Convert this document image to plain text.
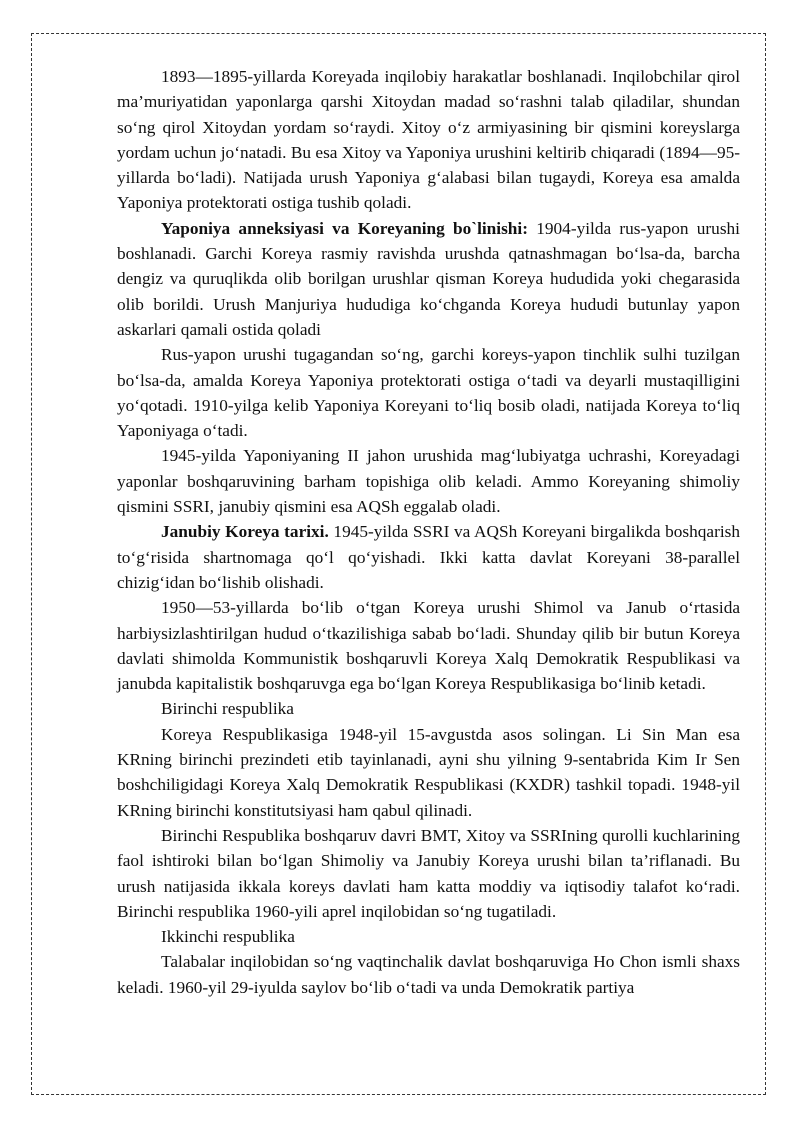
1893—1895-yillarda Koreyada inqilobiy harakatlar boshlanadi. Inqilobchilar qirol ma’muriyatidan yaponlarga qarshi Xitoydan madad so‘rashni talab qiladilar, shundan so‘ng qirol Xitoydan yordam so‘raydi. Xitoy o‘z armiyasining bir qismini koreyslarga yordam uchun jo‘natadi. Bu esa Xitoy va Yaponiya urushini keltirib chiqaradi (1894—95-yillarda bo‘ladi). Natijada urush Yaponiya g‘alabasi bilan tugaydi, Koreya esa amalda Yaponiya protektorati ostiga tushib qoladi.

Yaponiya anneksiyasi va Koreyaning bo`linishi: 1904-yilda rus-yapon urushi boshlanadi. Garchi Koreya rasmiy ravishda urushda qatnashmagan bo‘lsa-da, barcha dengiz va quruqlikda olib borilgan urushlar qisman Koreya hududida yoki chegarasida olib borildi. Urush Manjuriya hududiga ko‘chganda Koreya hududi butunlay yapon askarlari qamali ostida qoladi

Rus-yapon urushi tugagandan so‘ng, garchi koreys-yapon tinchlik sulhi tuzilgan bo‘lsa-da, amalda Koreya Yaponiya protektorati ostiga o‘tadi va deyarli mustaqilligini yo‘qotadi. 1910-yilga kelib Yaponiya Koreyani to‘liq bosib oladi, natijada Koreya to‘liq Yaponiyaga o‘tadi.

1945-yilda Yaponiyaning II jahon urushida mag‘lubiyatga uchrashi, Koreyadagi yaponlar boshqaruvining barham topishiga olib keladi. Ammo Koreyaning shimoliy qismini SSRI, janubiy qismini esa AQSh eggalab oladi.

Janubiy Koreya tarixi. 1945-yilda SSRI va AQSh Koreyani birgalikda boshqarish to‘g‘risida shartnomaga qo‘l qo‘yishadi. Ikki katta davlat Koreyani 38-parallel chizig‘idan bo‘lishib olishadi.

1950—53-yillarda bo‘lib o‘tgan Koreya urushi Shimol va Janub o‘rtasida harbiysizlashtirilgan hudud o‘tkazilishiga sabab bo‘ladi. Shunday qilib bir butun Koreya davlati shimolda Kommunistik boshqaruvli Koreya Xalq Demokratik Respublikasi va janubda kapitalistik boshqaruvga ega bo‘lgan Koreya Respublikasiga bo‘linib ketadi.

Birinchi respublika

Koreya Respublikasiga 1948-yil 15-avgustda asos solingan. Li Sin Man esa KRning birinchi prezindeti etib tayinlanadi, ayni shu yilning 9-sentabrida Kim Ir Sen boshchiligidagi Koreya Xalq Demokratik Respublikasi (KXDR) tashkil topadi. 1948-yil KRning birinchi konstitutsiyasi ham qabul qilinadi.

Birinchi Respublika boshqaruv davri BMT, Xitoy va SSRIning qurolli kuchlarining faol ishtiroki bilan bo‘lgan Shimoliy va Janubiy Koreya urushi bilan ta’riflanadi. Bu urush natijasida ikkala koreys davlati ham katta moddiy va iqtisodiy talafot ko‘radi. Birinchi respublika 1960-yili aprel inqilobidan so‘ng tugatiladi.

Ikkinchi respublika

Talabalar inqilobidan so‘ng vaqtinchalik davlat boshqaruviga Ho Chon ismli shaxs keladi. 1960-yil 29-iyulda saylov bo‘lib o‘tadi va unda Demokratik partiya
